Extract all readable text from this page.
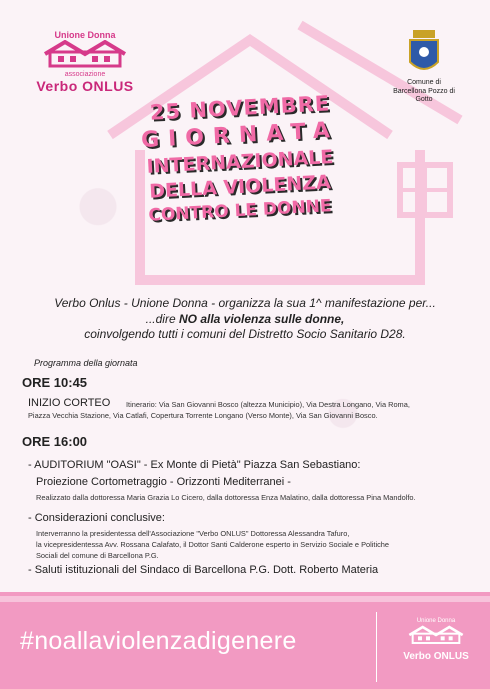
Unione Donna
associazione
Verbo ONLUS	Comune di
Barcellona Pozzo di Gotto
25 NOVEMBRE
GIORNATA
INTERNAZIONALE
DELLA VIOLENZA
CONTRO LE DONNE
Verbo Onlus - Unione Donna - organizza la sua 1^ manifestazione per...
...dire NO alla violenza sulle donne,
coinvolgendo tutti i comuni del Distretto Socio Sanitario D28.
Programma della giornata
ORE 10:45
INIZIO CORTEO Itinerario: Via San Giovanni Bosco (altezza Municipio), Via Destra Longano, Via Roma,
Piazza Vecchia Stazione, Via Catlafi, Copertura Torrente Longano (Verso Monte), Via San Giovanni Bosco.
ORE 16:00
- AUDITORIUM "OASI" - Ex Monte di Pietà" Piazza San Sebastiano:
Proiezione Cortometraggio - Orizzonti Mediterranei -
Realizzato dalla dottoressa Maria Grazia Lo Cicero, dalla dottoressa Enza Malatino, dalla dottoressa Pina Mandolfo.
- Considerazioni conclusive:
Interverranno la presidentessa dell'Associazione "Verbo ONLUS" Dottoressa Alessandra Tafuro,
la vicepresidentessa Avv. Rossana Calafato, il Dottor Santi Calderone esperto in Servizio Sociale e Politiche
Sociali del comune di Barcellona P.G.
- Saluti istituzionali del Sindaco di Barcellona P.G. Dott. Roberto Materia
#noallaviolenzadigenere
Unione Donna
Verbo ONLUS
